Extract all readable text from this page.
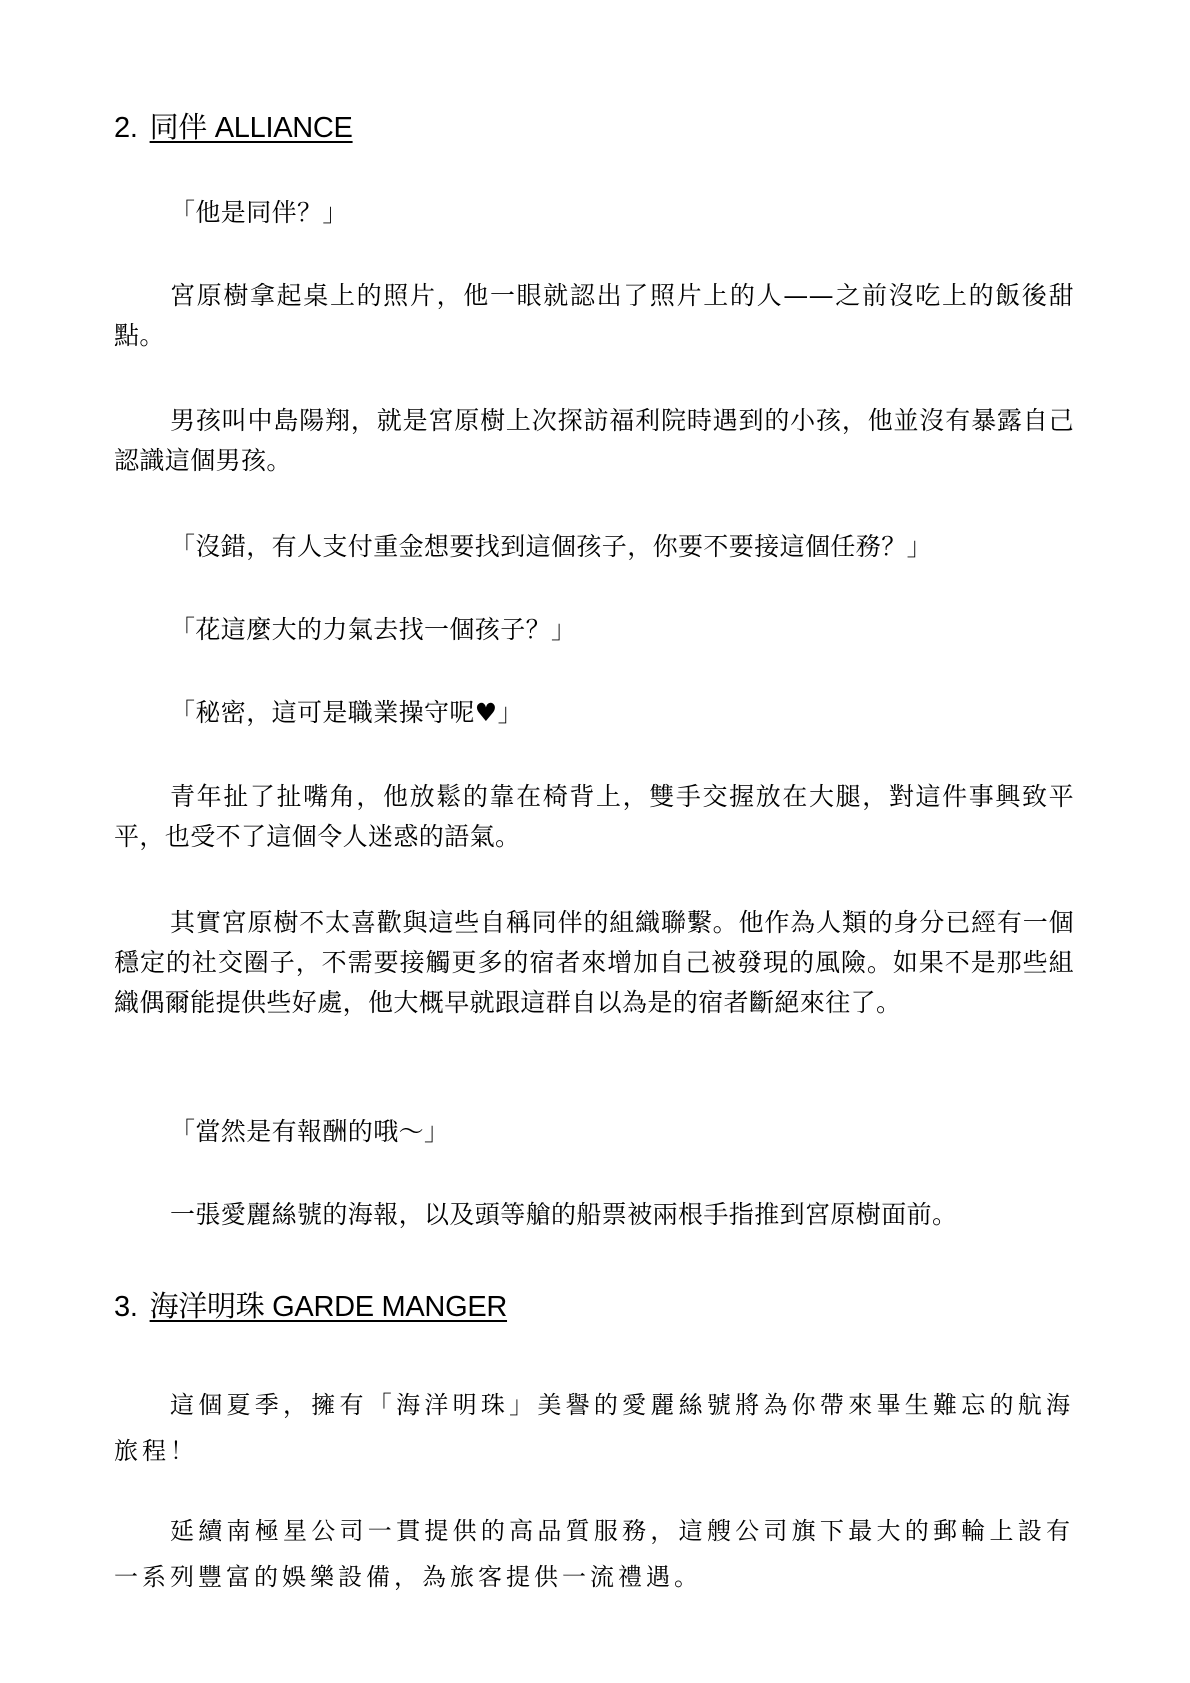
2. 同伴 ALLIANCE

「他是同伴？」

宮原樹拿起桌上的照片，他一眼就認出了照片上的人——之前沒吃上的飯後甜點。

男孩叫中島陽翔，就是宮原樹上次探訪福利院時遇到的小孩，他並沒有暴露自己認識這個男孩。

「沒錯，有人支付重金想要找到這個孩子，你要不要接這個任務？」

「花這麼大的力氣去找一個孩子？」

「秘密，這可是職業操守呢♥」

青年扯了扯嘴角，他放鬆的靠在椅背上，雙手交握放在大腿，對這件事興致平平，也受不了這個令人迷惑的語氣。

其實宮原樹不太喜歡與這些自稱同伴的組織聯繫。他作為人類的身分已經有一個穩定的社交圈子，不需要接觸更多的宿者來增加自己被發現的風險。如果不是那些組織偶爾能提供些好處，他大概早就跟這群自以為是的宿者斷絕來往了。

「當然是有報酬的哦～」

一張愛麗絲號的海報，以及頭等艙的船票被兩根手指推到宮原樹面前。

3. 海洋明珠 GARDE MANGER

這個夏季，擁有「海洋明珠」美譽的愛麗絲號將為你帶來畢生難忘的航海旅程！

延續南極星公司一貫提供的高品質服務，這艘公司旗下最大的郵輪上設有一系列豐富的娛樂設備，為旅客提供一流禮遇。
